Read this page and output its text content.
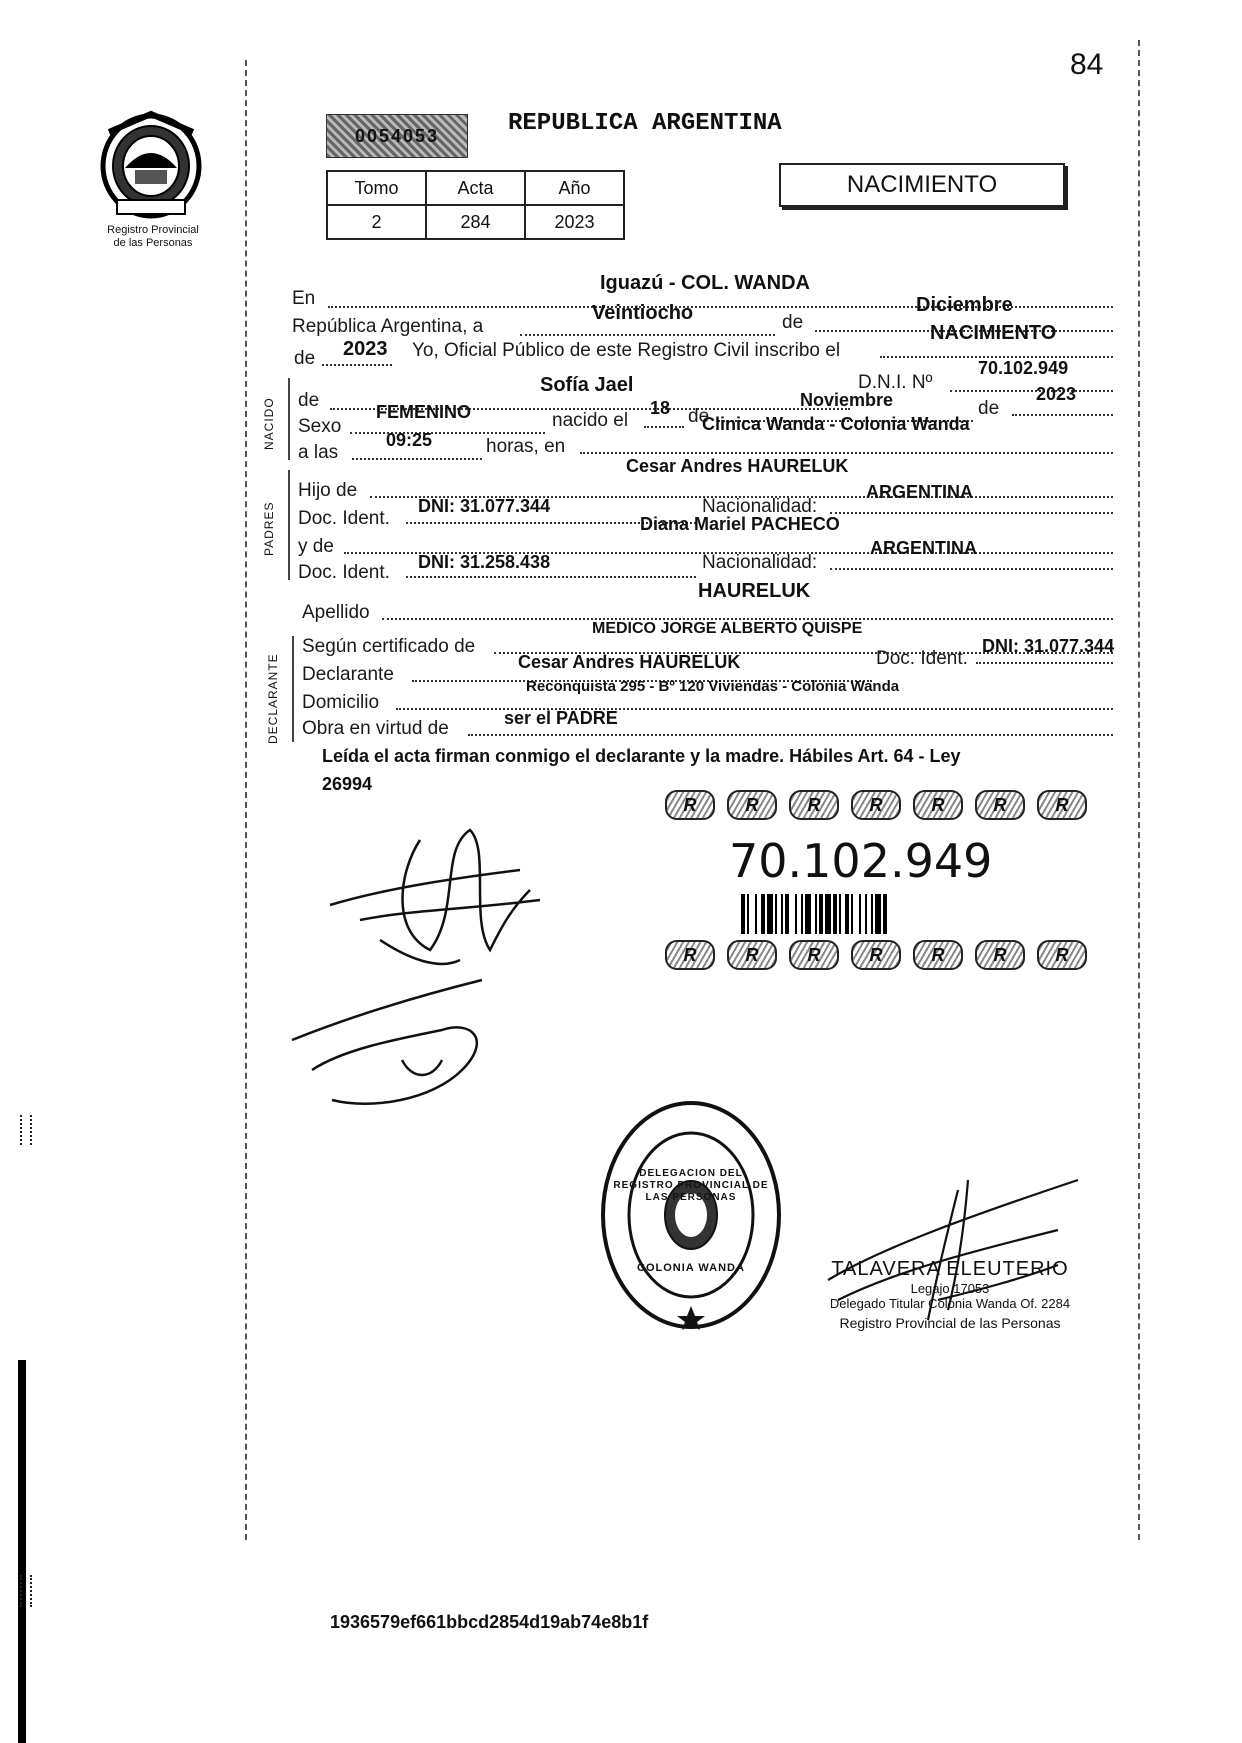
84
Registro Provincial
de las Personas
0054053	REPUBLICA ARGENTINA
NACIMIENTO
Tomo	Acta	Año
2	284	2023
En
Iguazú - COL. WANDA
República Argentina, a
Veintiocho	de
Diciembre
de 2023 Yo, Oficial Público de este Registro Civil inscribo el
NACIMIENTO
NACIDO de
Sofía Jael	D.N.I. Nº
70.102.949
Sexo
FEMENINO	nacido el
18 de
Noviembre	de
2023
a las
09:25	horas, en
Clinica Wanda - Colonia Wanda
PADRES
Hijo de
Cesar Andres HAURELUK
Doc. Ident.
DNI: 31.077.344	Nacionalidad:
ARGENTINA
y de
Diana Mariel PACHECO
Doc. Ident. DNI: 31.258.438	Nacionalidad:
ARGENTINA
Apellido
HAURELUK
DECLARANTE
Según certificado de
MEDICO JORGE ALBERTO QUISPE
Declarante
Cesar Andres HAURELUK	Doc. Ident.
DNI: 31.077.344
Domicilio
Reconquista 295 - Bº 120 Viviendas - Colonia Wanda
Obra en virtud de	ser el PADRE
Leída el acta firman conmigo el declarante y la madre. Hábiles Art. 64 - Ley
26994
R	R	R	R	R	R	R
70.102.949
R	R	R	R	R	R	R
DELEGACION DEL REGISTRO PROVINCIAL DE LAS PERSONAS
COLONIA WANDA	TALAVERA ELEUTERIO
Legajo 17053
Delegado Titular Colonia Wanda Of. 2284
Registro Provincial de las Personas
1936579ef661bbcd2854d19ab74e8b1f
